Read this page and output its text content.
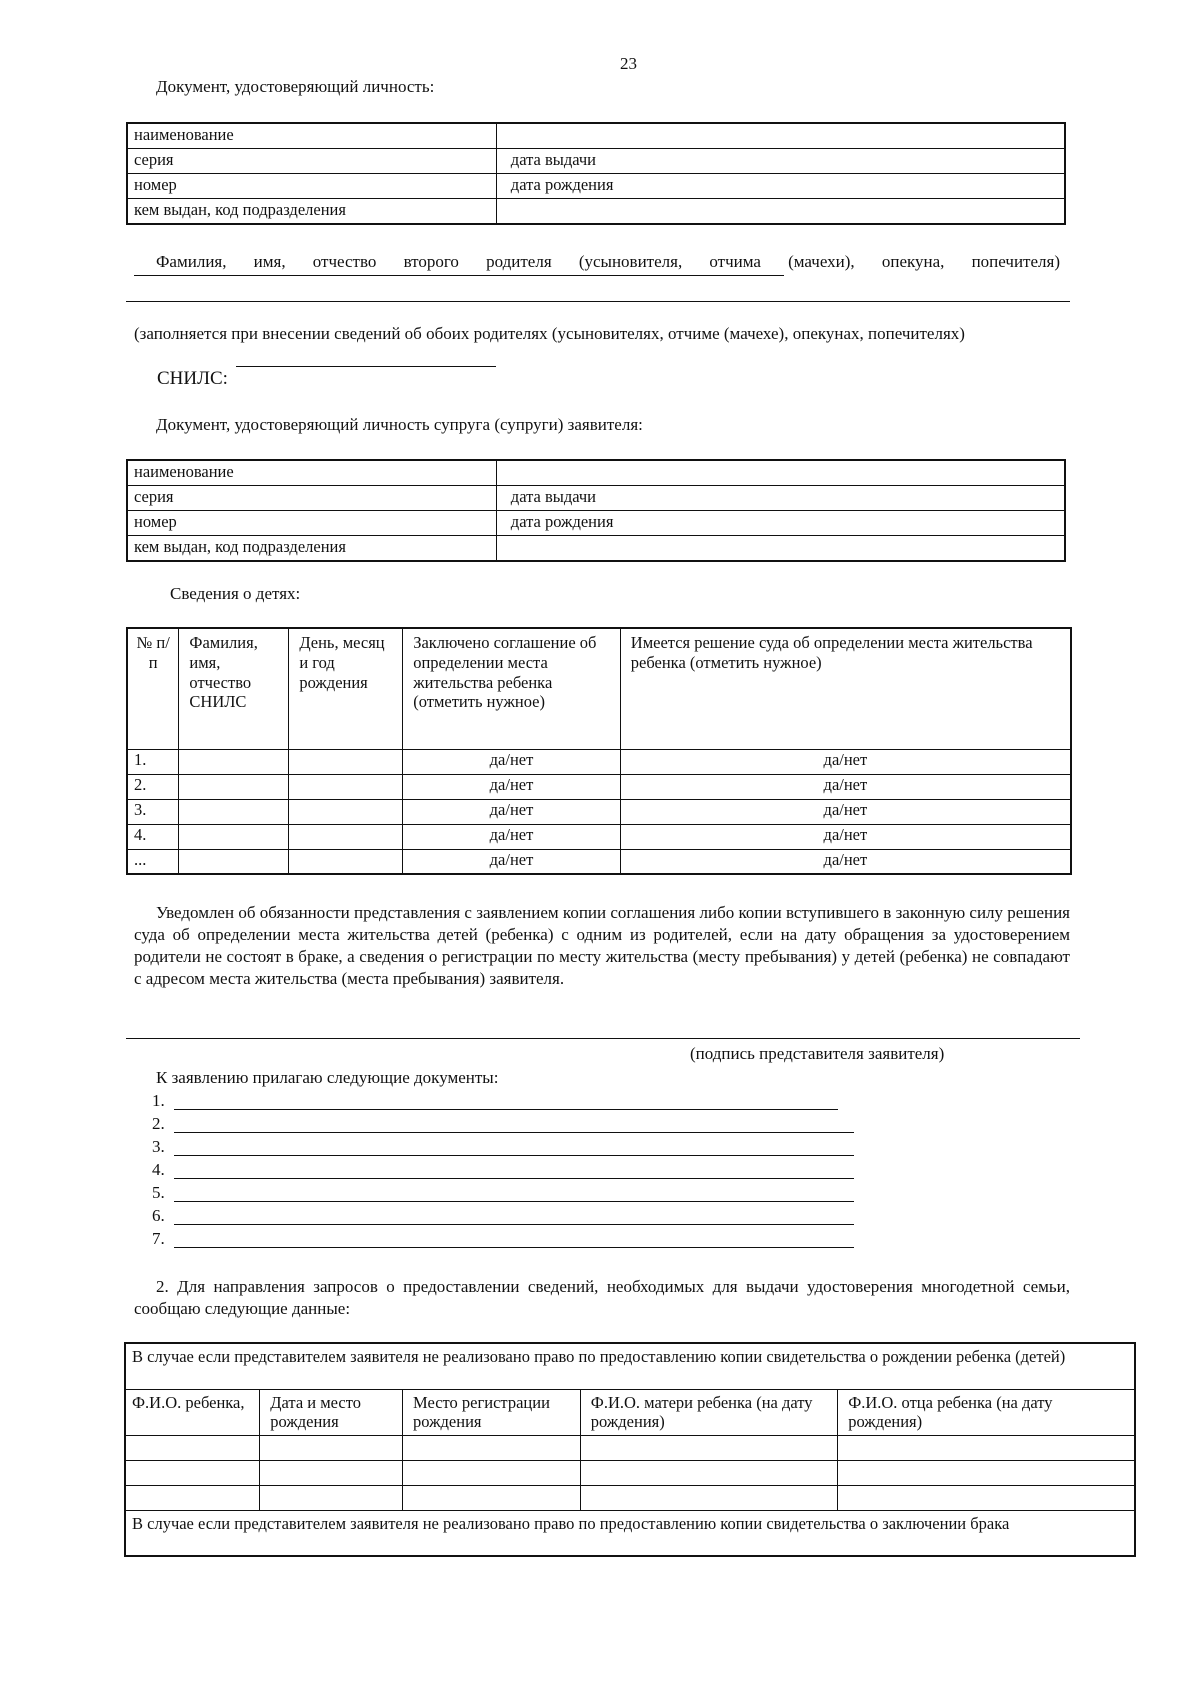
23
Документ, удостоверяющий личность:
наименование	
серия	дата выдачи
номер	дата рождения
кем выдан, код подразделения	
Фамилия, имя, отчество второго родителя (усыновителя, отчима (мачехи), опекуна, попечителя)
(заполняется при внесении сведений об обоих родителях (усыновителях, отчиме (мачехе), опекунах, попечителях)
СНИЛС:
Документ, удостоверяющий личность супруга (супруги) заявителя:
наименование	
серия	дата выдачи
номер	дата рождения
кем выдан, код подразделения	
Сведения о детях:
№ п/п	Фамилия, имя, отчество СНИЛС	День, месяц и год рождения	Заключено соглашение об определении места жительства ребенка (отметить нужное)	Имеется решение суда об определении места жительства ребенка (отметить нужное)
1.			да/нет	да/нет
2.			да/нет	да/нет
3.			да/нет	да/нет
4.			да/нет	да/нет
...			да/нет	да/нет
Уведомлен об обязанности представления с заявлением копии соглашения либо копии вступившего в законную силу решения суда об определении места жительства детей (ребенка) с одним из родителей, если на дату обращения за удостоверением родители не состоят в браке, а сведения о регистрации по месту жительства (месту пребывания) у детей (ребенка) не совпадают с адресом места жительства (места пребывания) заявителя.
(подпись представителя заявителя)
К заявлению прилагаю следующие документы:
1.
2.
3.
4.
5.
6.
7.
2. Для направления запросов о предоставлении сведений, необходимых для выдачи удостоверения многодетной семьи, сообщаю следующие данные:
В случае если представителем заявителя не реализовано право по предоставлению копии свидетельства о рождении ребенка (детей)				
Ф.И.О. ребенка,	Дата и место рождения	Место регистрации рождения	Ф.И.О. матери ребенка (на дату рождения)	Ф.И.О. отца ребенка (на дату рождения)

В случае если представителем заявителя не реализовано право по предоставлению копии свидетельства о заключении брака				
